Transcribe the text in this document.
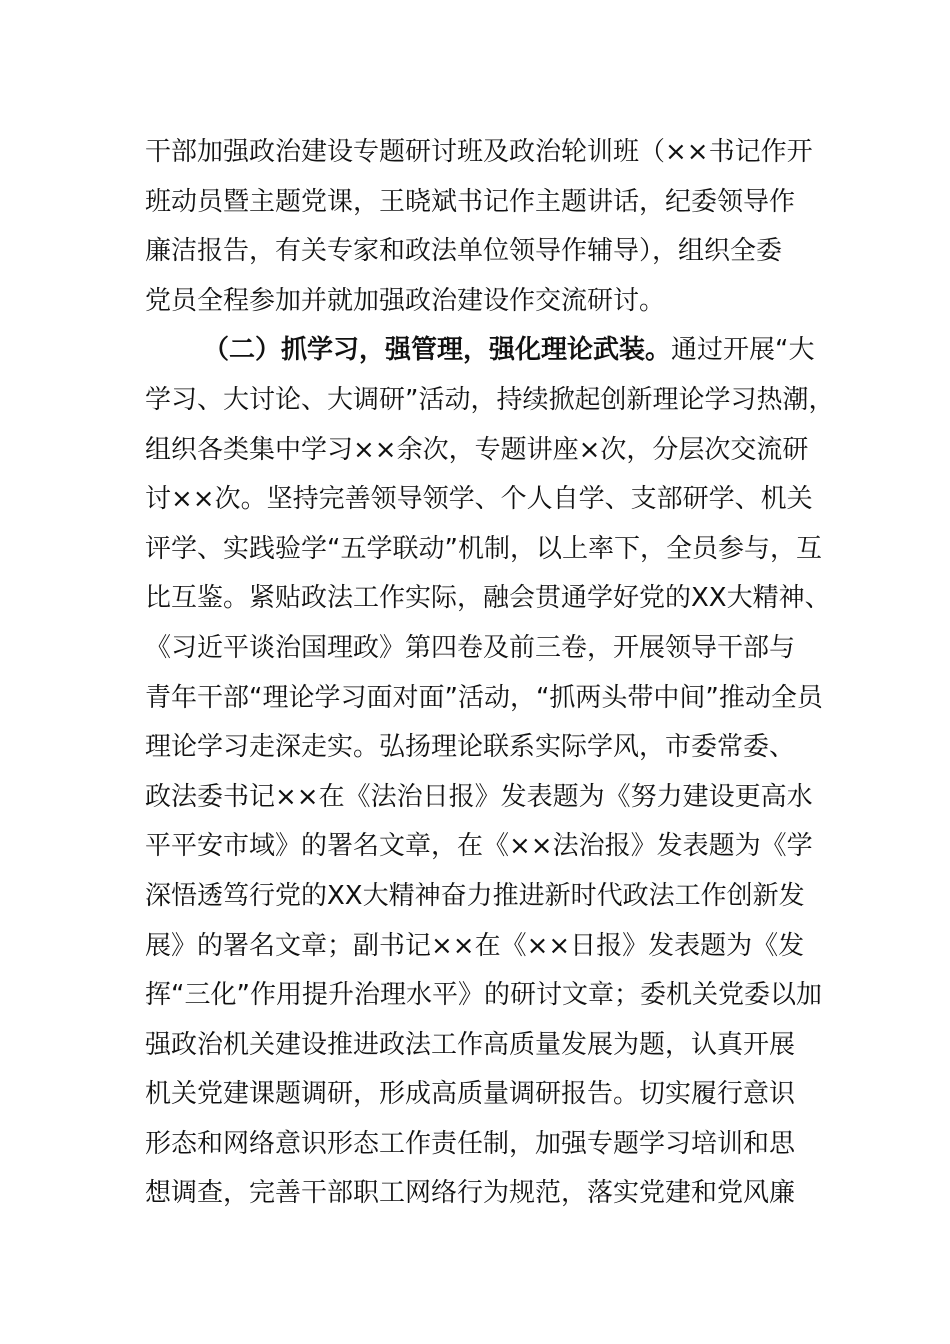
干部加强政治建设专题研讨班及政治轮训班（××书记作开
班动员暨主题党课，王晓斌书记作主题讲话，纪委领导作
廉洁报告，有关专家和政法单位领导作辅导），组织全委
党员全程参加并就加强政治建设作交流研讨。
（二）抓学习，强管理，强化理论武装。通过开展“大
学习、大讨论、大调研”活动，持续掀起创新理论学习热潮，
组织各类集中学习××余次，专题讲座×次，分层次交流研
讨××次。坚持完善领导领学、个人自学、支部研学、机关
评学、实践验学“五学联动”机制，以上率下，全员参与，互
比互鉴。紧贴政法工作实际，融会贯通学好党的XX大精神、
《习近平谈治国理政》第四卷及前三卷，开展领导干部与
青年干部“理论学习面对面”活动，“抓两头带中间”推动全员
理论学习走深走实。弘扬理论联系实际学风，市委常委、
政法委书记××在《法治日报》发表题为《努力建设更高水
平平安市域》的署名文章，在《××法治报》发表题为《学
深悟透笃行党的XX大精神奋力推进新时代政法工作创新发
展》的署名文章；副书记××在《××日报》发表题为《发
挥“三化”作用提升治理水平》的研讨文章；委机关党委以加
强政治机关建设推进政法工作高质量发展为题，认真开展
机关党建课题调研，形成高质量调研报告。切实履行意识
形态和网络意识形态工作责任制，加强专题学习培训和思
想调查，完善干部职工网络行为规范，落实党建和党风廉
